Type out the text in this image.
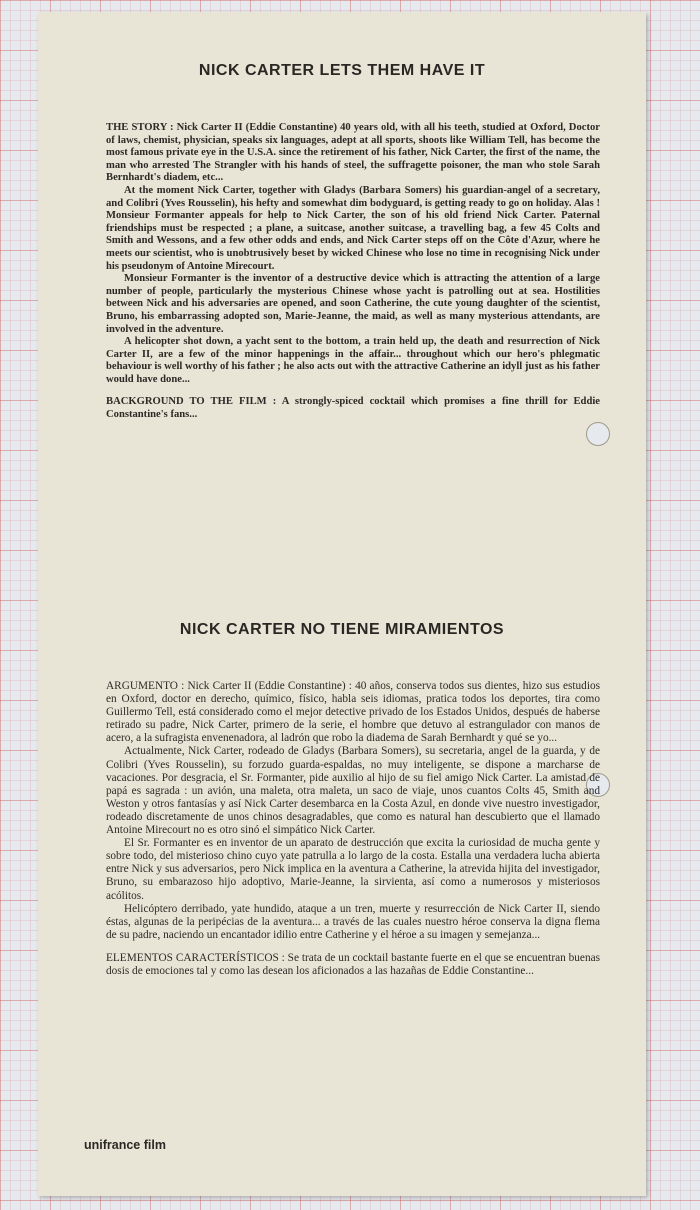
NICK CARTER LETS THEM HAVE IT

THE STORY : Nick Carter II (Eddie Constantine) 40 years old, with all his teeth, studied at Oxford, Doctor of laws, chemist, physician, speaks six languages, adept at all sports, shoots like William Tell, has become the most famous private eye in the U.S.A. since the retirement of his father, Nick Carter, the first of the name, the man who arrested The Strangler with his hands of steel, the suffragette poisoner, the man who stole Sarah Bernhardt's diadem, etc...

At the moment Nick Carter, together with Gladys (Barbara Somers) his guardian-angel of a secretary, and Colibri (Yves Rousselin), his hefty and somewhat dim bodyguard, is getting ready to go on holiday. Alas ! Monsieur Formanter appeals for help to Nick Carter, the son of his old friend Nick Carter. Paternal friendships must be respected ; a plane, a suitcase, another suitcase, a travelling bag, a few 45 Colts and Smith and Wessons, and a few other odds and ends, and Nick Carter steps off on the Côte d'Azur, where he meets our scientist, who is unobtrusively beset by wicked Chinese who lose no time in recognising Nick under his pseudonym of Antoine Mirecourt.

Monsieur Formanter is the inventor of a destructive device which is attracting the attention of a large number of people, particularly the mysterious Chinese whose yacht is patrolling out at sea. Hostilities between Nick and his adversaries are opened, and soon Catherine, the cute young daughter of the scientist, Bruno, his embarrassing adopted son, Marie-Jeanne, the maid, as well as many mysterious attendants, are involved in the adventure.

A helicopter shot down, a yacht sent to the bottom, a train held up, the death and resurrection of Nick Carter II, are a few of the minor happenings in the affair... throughout which our hero's phlegmatic behaviour is well worthy of his father ; he also acts out with the attractive Catherine an idyll just as his father would have done...

BACKGROUND TO THE FILM : A strongly-spiced cocktail which promises a fine thrill for Eddie Constantine's fans...

NICK CARTER NO TIENE MIRAMIENTOS

ARGUMENTO : Nick Carter II (Eddie Constantine) : 40 años, conserva todos sus dientes, hizo sus estudios en Oxford, doctor en derecho, químico, físico, habla seis idiomas, pratica todos los deportes, tira como Guillermo Tell, está considerado como el mejor detective privado de los Estados Unidos, después de haberse retirado su padre, Nick Carter, primero de la serie, el hombre que detuvo al estrangulador con manos de acero, a la sufragista envenenadora, al ladrón que robo la diadema de Sarah Bernhardt y qué se yo...

Actualmente, Nick Carter, rodeado de Gladys (Barbara Somers), su secretaria, angel de la guarda, y de Colibri (Yves Rousselin), su forzudo guarda-espaldas, no muy inteligente, se dispone a marcharse de vacaciones. Por desgracia, el Sr. Formanter, pide auxilio al hijo de su fiel amigo Nick Carter. La amistad de papá es sagrada : un avión, una maleta, otra maleta, un saco de viaje, unos cuantos Colts 45, Smith and Weston y otros fantasías y así Nick Carter desembarca en la Costa Azul, en donde vive nuestro investigador, rodeado discretamente de unos chinos desagradables, que como es natural han descubierto que el llamado Antoine Mirecourt no es otro sinó el simpático Nick Carter.

El Sr. Formanter es en inventor de un aparato de destrucción que excita la curiosidad de mucha gente y sobre todo, del misterioso chino cuyo yate patrulla a lo largo de la costa. Estalla una verdadera lucha abierta entre Nick y sus adversarios, pero Nick implica en la aventura a Catherine, la atrevida hijita del investigador, Bruno, su embarazoso hijo adoptivo, Marie-Jeanne, la sirvienta, así como a numerosos y misteriosos acólitos.

Helicóptero derribado, yate hundido, ataque a un tren, muerte y resurrección de Nick Carter II, siendo éstas, algunas de la peripécias de la aventura... a través de las cuales nuestro héroe conserva la digna flema de su padre, naciendo un encantador idilio entre Catherine y el héroe a su imagen y semejanza...

ELEMENTOS CARACTERÍSTICOS : Se trata de un cocktail bastante fuerte en el que se encuentran buenas dosis de emociones tal y como las desean los aficionados a las hazañas de Eddie Constantine...

unifrance film
